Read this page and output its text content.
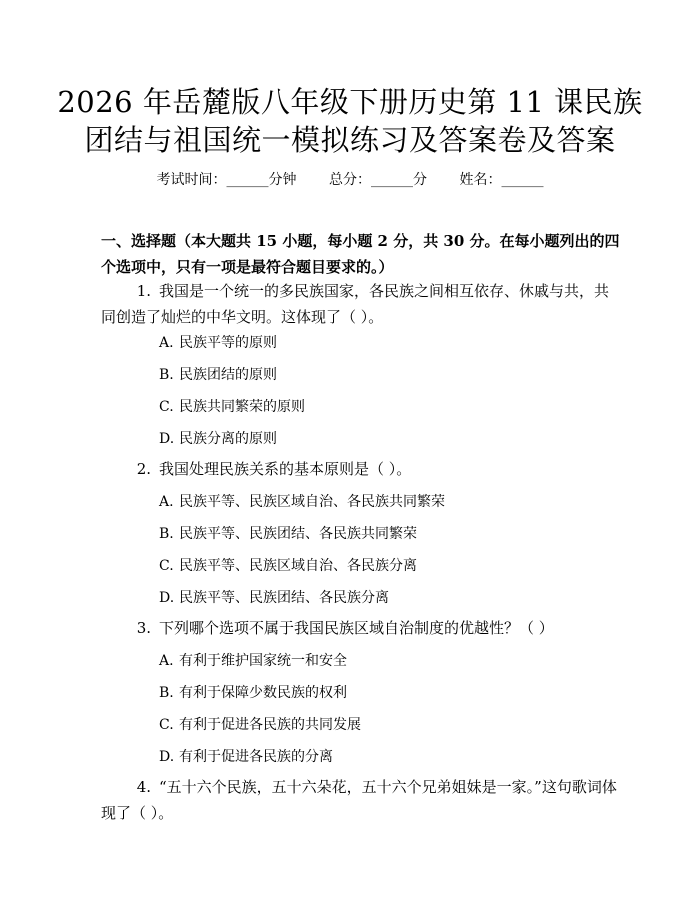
2026 年岳麓版八年级下册历史第 11 课民族
团结与祖国统一模拟练习及答案卷及答案
考试时间：______分钟 总分：______分 姓名：______
一、选择题（本大题共 15 小题，每小题 2 分，共 30 分。在每小题列出的四个选项中，只有一项是最符合题目要求的。）
1. 我国是一个统一的多民族国家，各民族之间相互依存、休戚与共，共同创造了灿烂的中华文明。这体现了（ ）。
A. 民族平等的原则
B. 民族团结的原则
C. 民族共同繁荣的原则
D. 民族分离的原则
2. 我国处理民族关系的基本原则是（ ）。
A. 民族平等、民族区域自治、各民族共同繁荣
B. 民族平等、民族团结、各民族共同繁荣
C. 民族平等、民族区域自治、各民族分离
D. 民族平等、民族团结、各民族分离
3. 下列哪个选项不属于我国民族区域自治制度的优越性？（ ）
A. 有利于维护国家统一和安全
B. 有利于保障少数民族的权利
C. 有利于促进各民族的共同发展
D. 有利于促进各民族的分离
4. “五十六个民族，五十六朵花，五十六个兄弟姐妹是一家。”这句歌词体现了（ ）。
